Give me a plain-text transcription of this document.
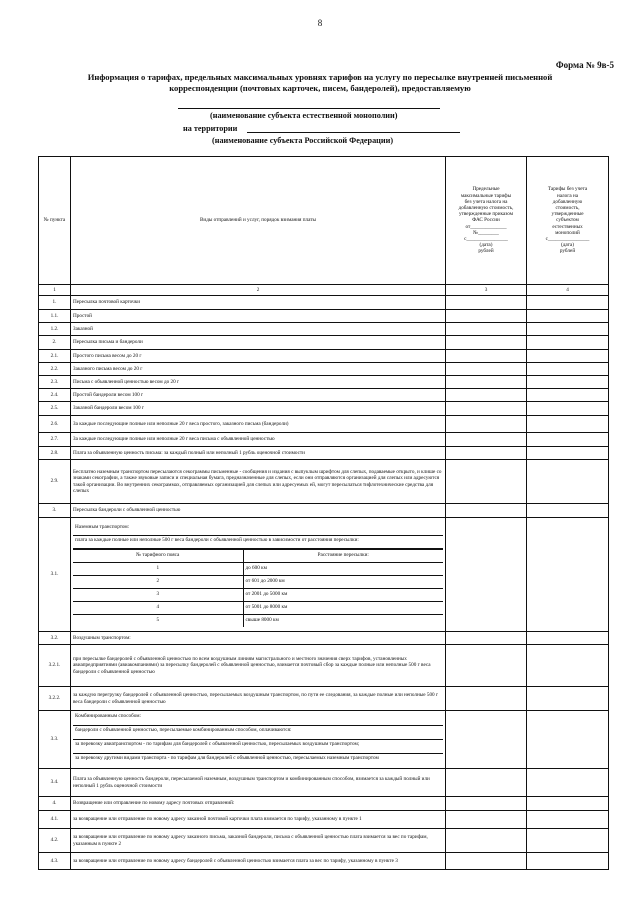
8
Форма № 9в-5
Информация о тарифах, предельных максимальных уровнях тарифов на услугу по пересылке внутренней письменной корреспонденции (почтовых карточек, писем, бандеролей), предоставляемую
(наименование субъекта естественной монополии)
на территории
(наименование субъекта Российской Федерации)
№ пункта	Виды отправлений и услуг, порядок взимания платы	
Предельные
максимальные тарифы
без учета налога на
добавленную стоимость,
утвержденные приказом
ФАС России
от______________
№________
с________________
(дата)
рублей

Тарифы без учета
налога на
добавленную
стоимость,
утвержденные
субъектом
естественных
монополий
с________________
(дата)
рублей

1	2	3	4
1.	Пересылка почтовой карточки		
1.1.	Простой		
1.2.	Заказной		
2.	Пересылка письма и бандероли		
2.1.	Простого письма весом до 20 г		
2.2.	Заказного письма весом до 20 г		
2.3.	Письма с объявленной ценностью весом до 20 г		
2.4.	Простой бандероли весом 100 г		
2.5.	Заказной бандероли весом 100 г		
2.6.	За каждые последующие полные или неполные 20 г веса простого, заказного письма (бандероли)		
2.7.	За каждые последующие полные или неполные 20 г веса письма с объявленной ценностью		
2.8.	Плата за объявленную ценность письма: за каждый полный или неполный 1 рубль оценочной стоимости		
2.9.	Бесплатно наземным транспортом пересылаются секограммы письменные - сообщения и издания с выпуклым шрифтом для слепых, подаваемые открыто, и клише со знаками секографии, а также звуковые записи и специальная бумага, предназначенные для слепых, если они отправляются организацией для слепых или адресуются такой организации. Во внутренних секограммах, отправляемых организацией для слепых или адресуемых ей, могут пересылаться тифлотехнические средства для слепых		
3.	Пересылка бандероли с объявленной ценностью		
3.1.	
Наземным транспортом:
плата за каждые полные или неполные 500 г веса бандероли с объявленной ценностью в зависимости от расстояния пересылки:
№ тарифного пояса	Расстояние пересылки:
1	до 600 км
2	от 601 до 2000 км
3	от 2001 до 5000 км
4	от 5001 до 8000 км
5	свыше 8000 км

3.2.	Воздушным транспортом:		
3.2.1.	при пересылке бандеролей с объявленной ценностью по всем воздушным линиям магистрального и местного значения сверх тарифов, установленных авиапредприятиями (авиакомпаниями) за пересылку бандеролей с объявленной ценностью, взимается почтовый сбор за каждые полные или неполные 500 г веса бандероли с объявленной ценностью		
3.2.2.	за каждую перегрузку бандеролей с объявленной ценностью, пересылаемых воздушным транспортом, по пути ее следования, за каждые полные или неполные 500 г веса бандероли с объявленной ценностью		
3.3.	
Комбинированным способом:
бандероли с объявленной ценностью, пересылаемые комбинированным способом, оплачиваются:
за перевозку авиатранспортом - по тарифам для бандеролей с объявленной ценностью, пересылаемых воздушным транспортом;
за перевозку другими видами транспорта - по тарифам для бандеролей с объявленной ценностью, пересылаемых наземным транспортом

3.4.	Плата за объявленную ценность бандероли, пересылаемой наземным, воздушным транспортом и комбинированным способом, взимается за каждый полный или неполный 1 рубль оценочной стоимости		
4.	Возвращение или отправление по новому адресу почтовых отправлений:		
4.1.	за возвращение или отправление по новому адресу заказной почтовой карточки плата взимается по тарифу, указанному в пункте 1		
4.2.	за возвращение или отправление по новому адресу заказного письма, заказной бандероли, письма с объявленной ценностью плата взимается за вес по тарифам, указанным в пункте 2		
4.3.	за возвращение или отправление по новому адресу бандеролей с объявленной ценностью взимается плата за вес по тарифу, указанному в пункте 3		
